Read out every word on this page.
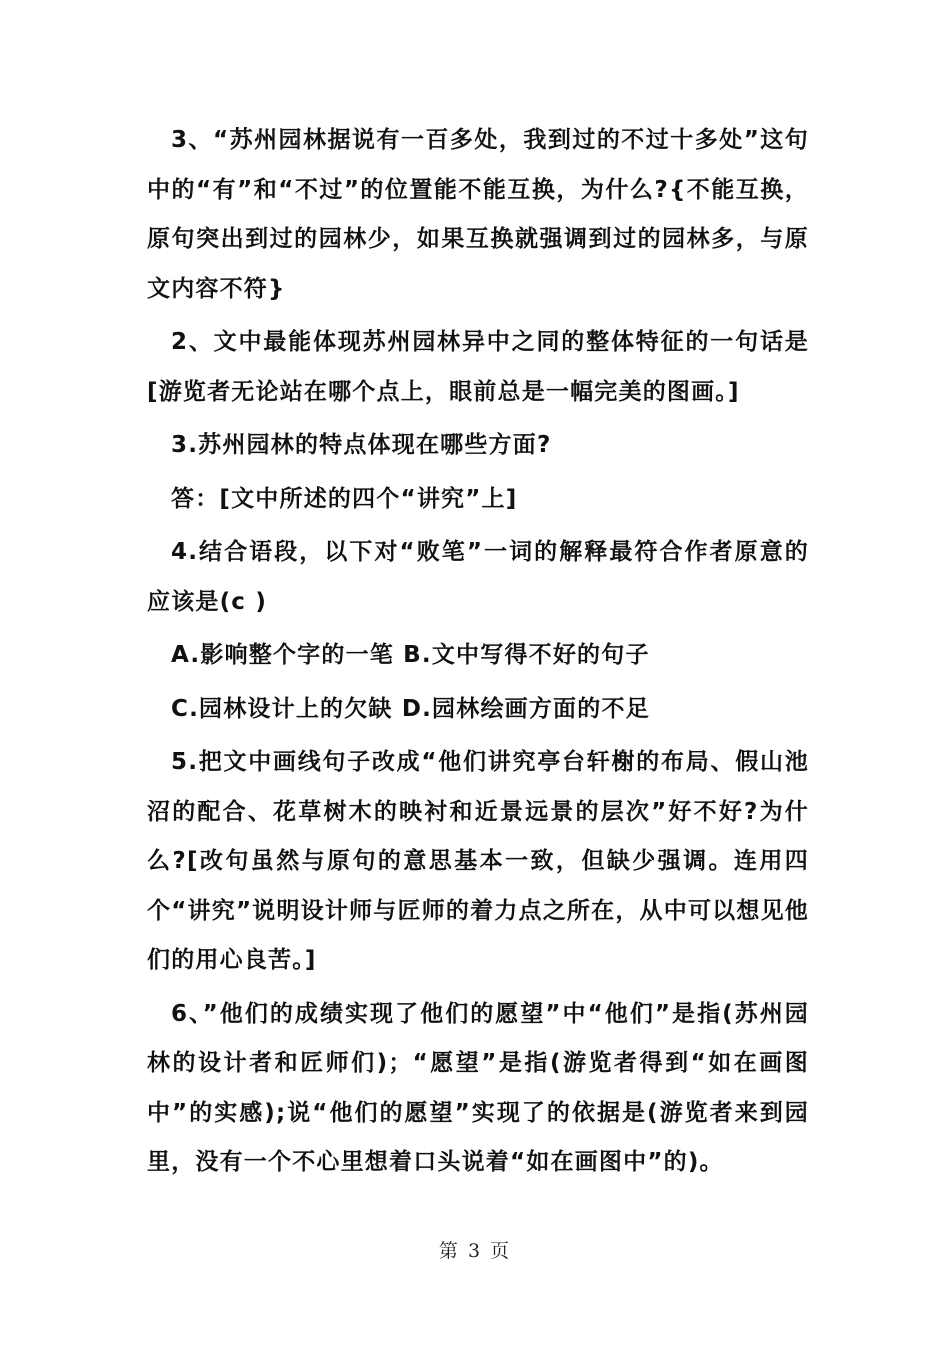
3、“苏州园林据说有一百多处，我到过的不过十多处”这句中的“有”和“不过”的位置能不能互换，为什么?{不能互换，原句突出到过的园林少，如果互换就强调到过的园林多，与原文内容不符}

2、文中最能体现苏州园林异中之同的整体特征的一句话是[游览者无论站在哪个点上，眼前总是一幅完美的图画。]

3.苏州园林的特点体现在哪些方面?

答：[文中所述的四个“讲究”上]

4.结合语段，以下对“败笔”一词的解释最符合作者原意的应该是(c )

A.影响整个字的一笔 B.文中写得不好的句子

C.园林设计上的欠缺 D.园林绘画方面的不足

5.把文中画线句子改成“他们讲究亭台轩榭的布局、假山池沼的配合、花草树木的映衬和近景远景的层次”好不好?为什么?[改句虽然与原句的意思基本一致，但缺少强调。连用四个“讲究”说明设计师与匠师的着力点之所在，从中可以想见他们的用心良苦。]

6、”他们的成绩实现了他们的愿望”中“他们”是指(苏州园林的设计者和匠师们)；“愿望”是指(游览者得到“如在画图中”的实感);说“他们的愿望”实现了的依据是(游览者来到园里，没有一个不心里想着口头说着“如在画图中”的)。

第 3 页
